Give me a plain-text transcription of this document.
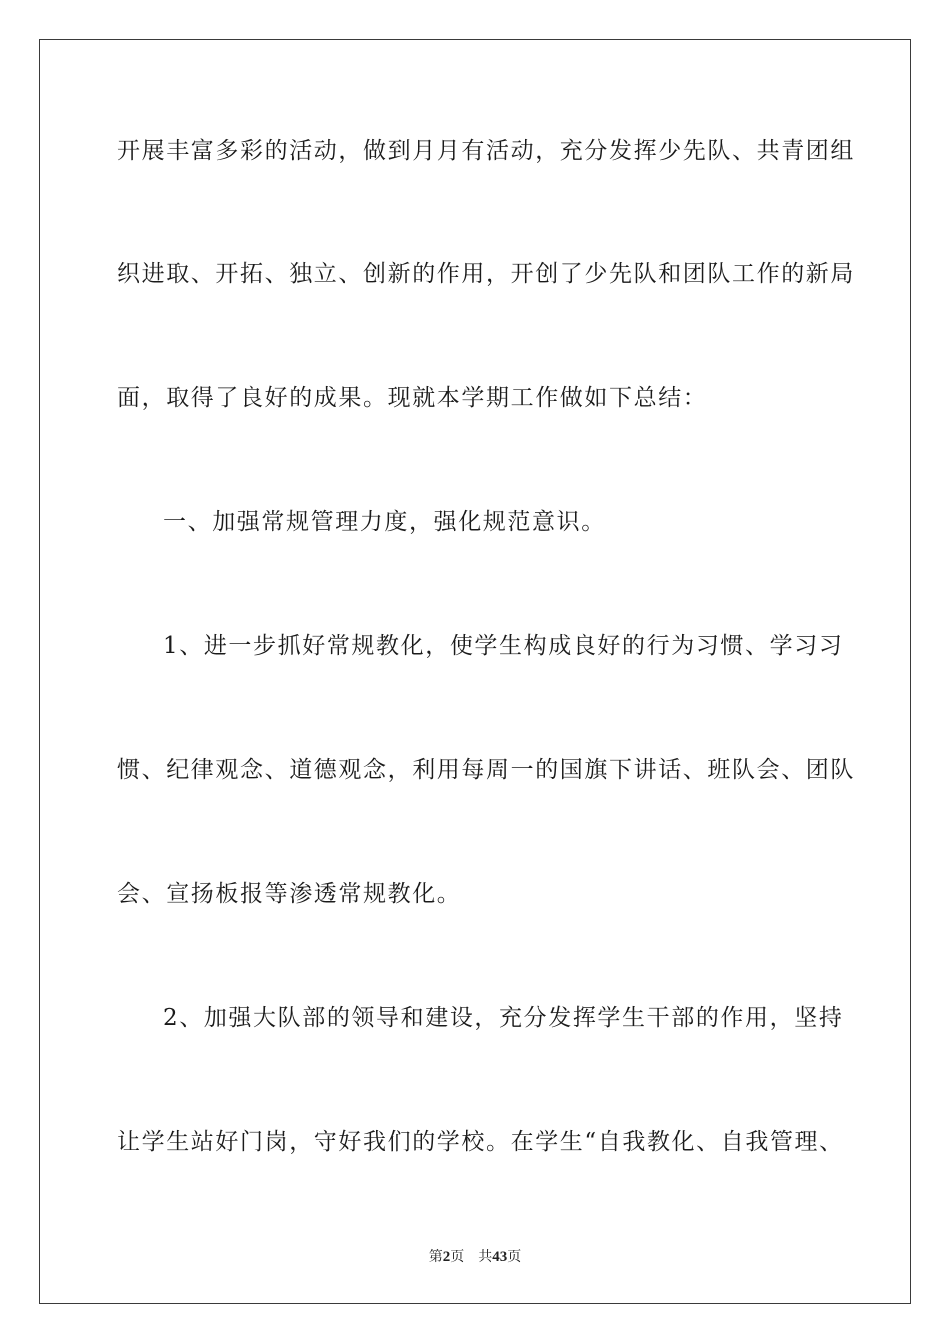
开展丰富多彩的活动，做到月月有活动，充分发挥少先队、共青团组
织进取、开拓、独立、创新的作用，开创了少先队和团队工作的新局
面，取得了良好的成果。现就本学期工作做如下总结：
一、加强常规管理力度，强化规范意识。
1、进一步抓好常规教化，使学生构成良好的行为习惯、学习习
惯、纪律观念、道德观念，利用每周一的国旗下讲话、班队会、团队
会、宣扬板报等渗透常规教化。
2、加强大队部的领导和建设，充分发挥学生干部的作用，坚持
让学生站好门岗，守好我们的学校。在学生“自我教化、自我管理、
第2页 共43页
